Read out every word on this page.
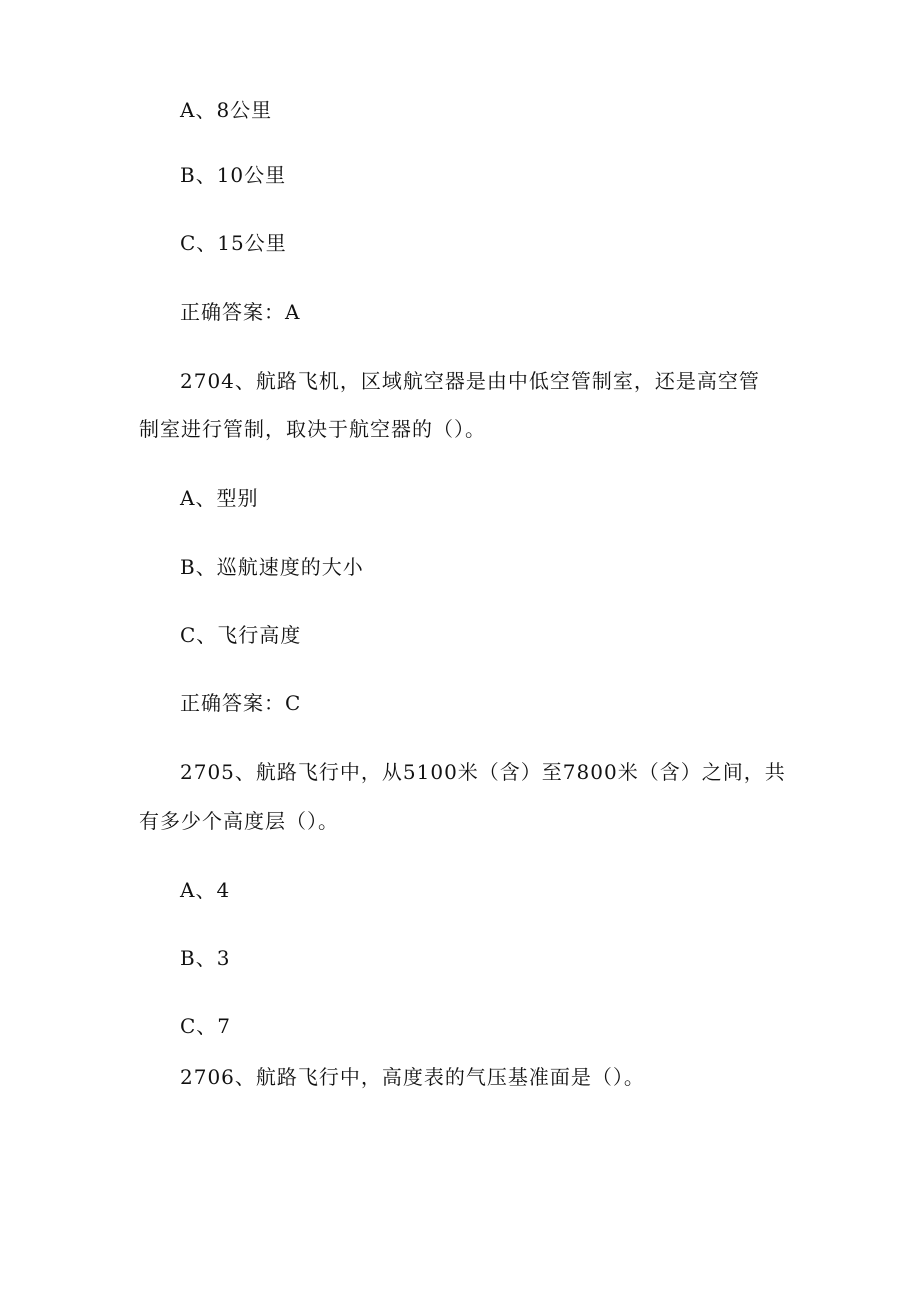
A、8公里
B、10公里
C、15公里
正确答案：A
2704、航路飞机，区域航空器是由中低空管制室，还是高空管
制室进行管制，取决于航空器的（）。
A、型别
B、巡航速度的大小
C、飞行高度
正确答案：C
2705、航路飞行中，从5100米（含）至7800米（含）之间，共
有多少个高度层（）。
A、4
B、3
C、7
2706、航路飞行中，高度表的气压基准面是（）。
